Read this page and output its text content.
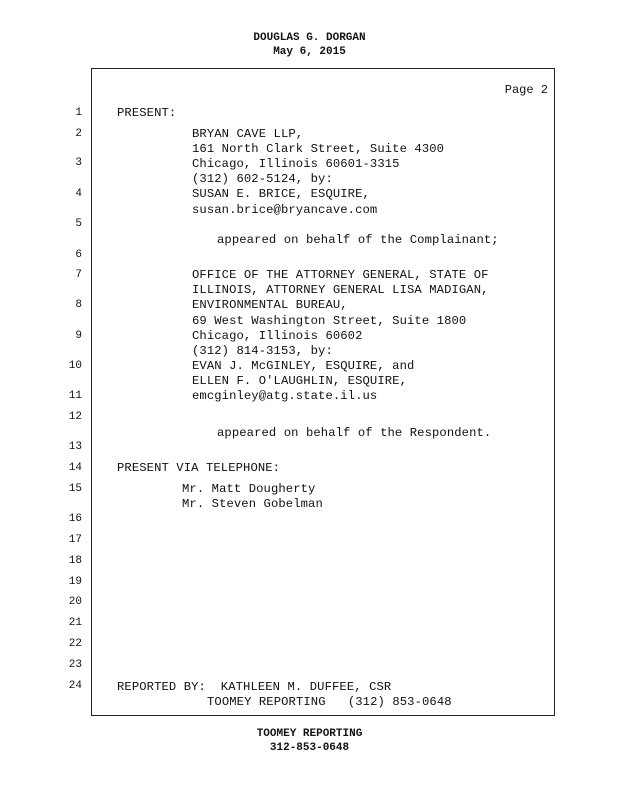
DOUGLAS G. DORGAN
May 6, 2015
Page 2
1
2
3
4
5
6
7
8
9
10
11
12
13
14
15
16
17
18
19
20
21
22
23
24
PRESENT:
BRYAN CAVE LLP,
161 North Clark Street, Suite 4300
Chicago, Illinois 60601-3315
(312) 602-5124, by:
SUSAN E. BRICE, ESQUIRE,
susan.brice@bryancave.com
appeared on behalf of the Complainant;
OFFICE OF THE ATTORNEY GENERAL, STATE OF
ILLINOIS, ATTORNEY GENERAL LISA MADIGAN,
ENVIRONMENTAL BUREAU,
69 West Washington Street, Suite 1800
Chicago, Illinois 60602
(312) 814-3153, by:
EVAN J. McGINLEY, ESQUIRE, and
ELLEN F. O'LAUGHLIN, ESQUIRE,
emcginley@atg.state.il.us
appeared on behalf of the Respondent.
PRESENT VIA TELEPHONE:
Mr. Matt Dougherty
Mr. Steven Gobelman
REPORTED BY:  KATHLEEN M. DUFFEE, CSR
TOOMEY REPORTING   (312) 853-0648
TOOMEY REPORTING
312-853-0648
